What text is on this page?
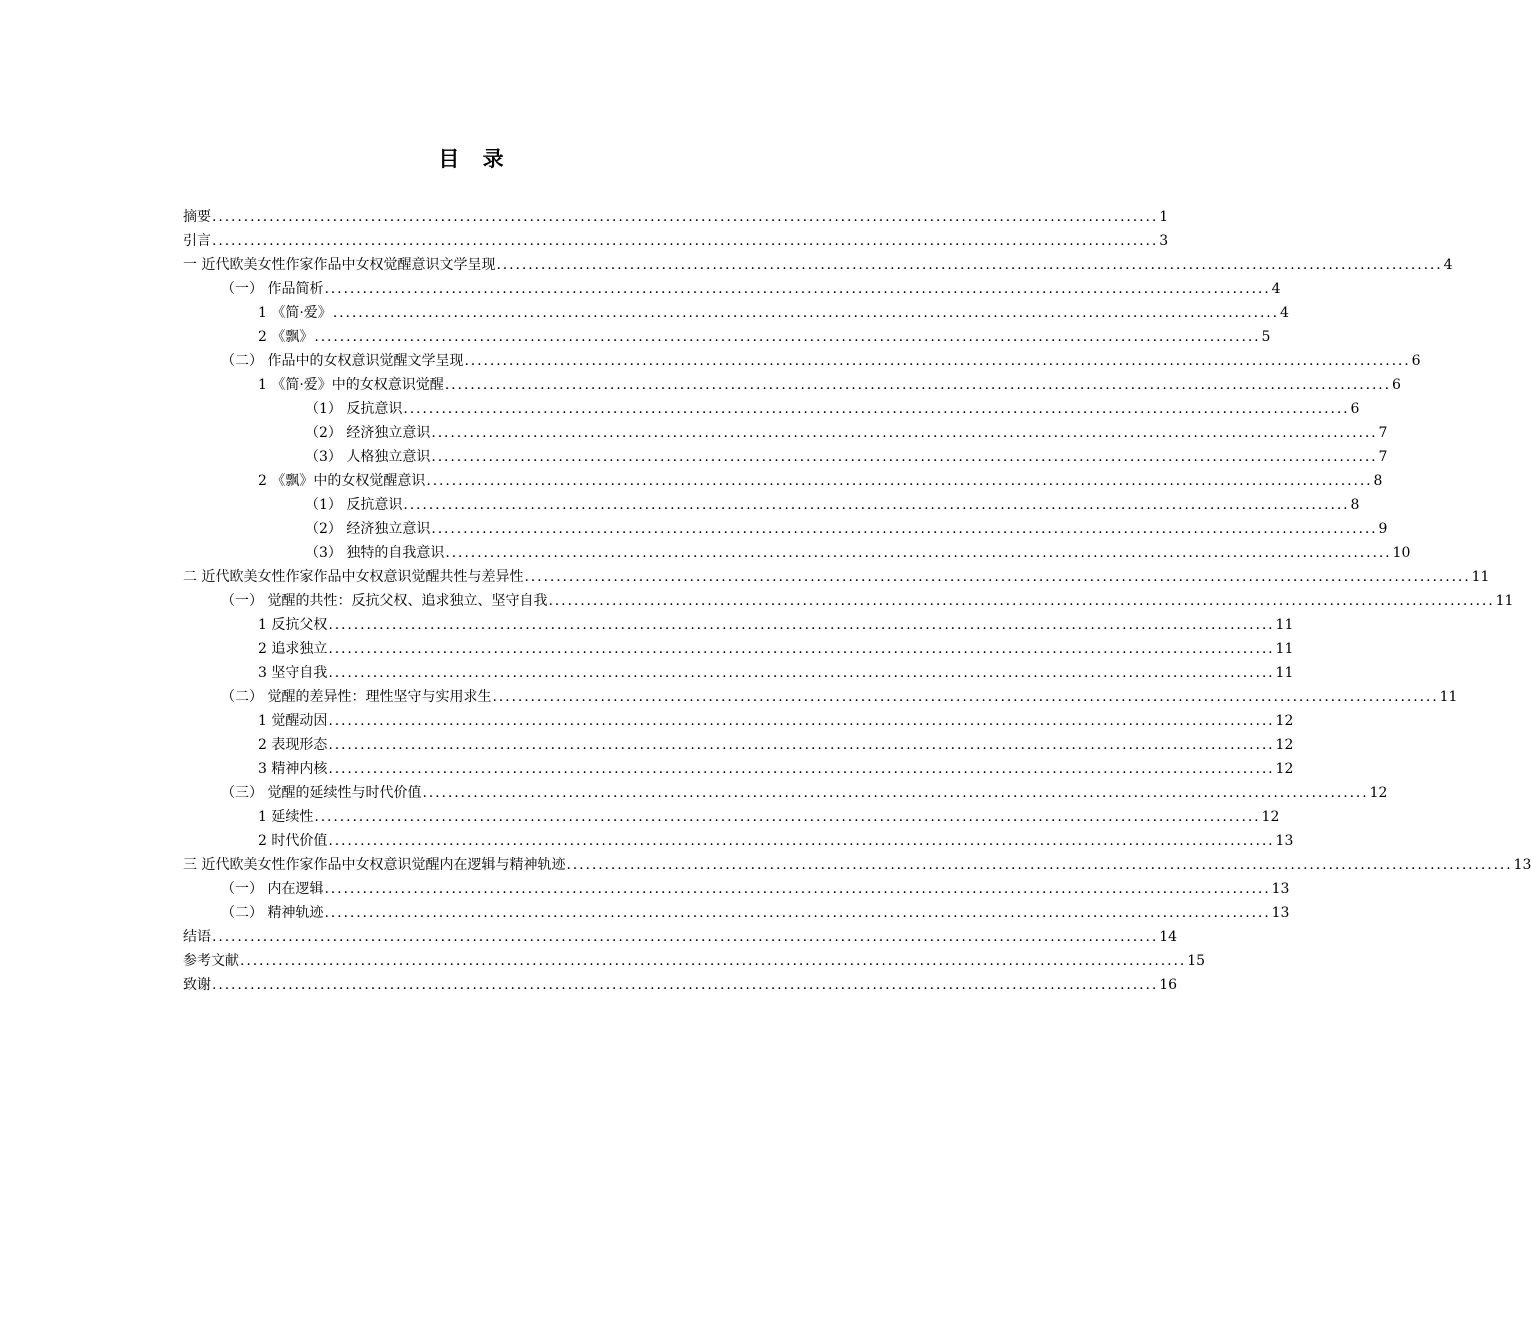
目 录
摘要 ..................................................................................................................................................... 1
引言 ..................................................................................................................................................... 3
一 近代欧美女性作家作品中女权觉醒意识文学呈现 ..................................................................................................................................................... 4
（一） 作品简析 ..................................................................................................................................................... 4
1 《简·爱》 ..................................................................................................................................................... 4
2 《飘》 ..................................................................................................................................................... 5
（二） 作品中的女权意识觉醒文学呈现 ..................................................................................................................................................... 6
1 《简·爱》中的女权意识觉醒 ..................................................................................................................................................... 6
（1） 反抗意识 ..................................................................................................................................................... 6
（2） 经济独立意识 ..................................................................................................................................................... 7
（3） 人格独立意识 ..................................................................................................................................................... 7
2 《飘》中的女权觉醒意识 ..................................................................................................................................................... 8
（1） 反抗意识 ..................................................................................................................................................... 8
（2） 经济独立意识 ..................................................................................................................................................... 9
（3） 独特的自我意识 ..................................................................................................................................................... 10
二 近代欧美女性作家作品中女权意识觉醒共性与差异性 ..................................................................................................................................................... 11
（一） 觉醒的共性：反抗父权、追求独立、坚守自我 ..................................................................................................................................................... 11
1 反抗父权 ..................................................................................................................................................... 11
2 追求独立 ..................................................................................................................................................... 11
3 坚守自我 ..................................................................................................................................................... 11
（二） 觉醒的差异性：理性坚守与实用求生 ..................................................................................................................................................... 11
1 觉醒动因 ..................................................................................................................................................... 12
2 表现形态 ..................................................................................................................................................... 12
3 精神内核 ..................................................................................................................................................... 12
（三） 觉醒的延续性与时代价值 ..................................................................................................................................................... 12
1 延续性 ..................................................................................................................................................... 12
2 时代价值 ..................................................................................................................................................... 13
三 近代欧美女性作家作品中女权意识觉醒内在逻辑与精神轨迹 ..................................................................................................................................................... 13
（一） 内在逻辑 ..................................................................................................................................................... 13
（二） 精神轨迹 ..................................................................................................................................................... 13
结语 ..................................................................................................................................................... 14
参考文献 ..................................................................................................................................................... 15
致谢 ..................................................................................................................................................... 16
